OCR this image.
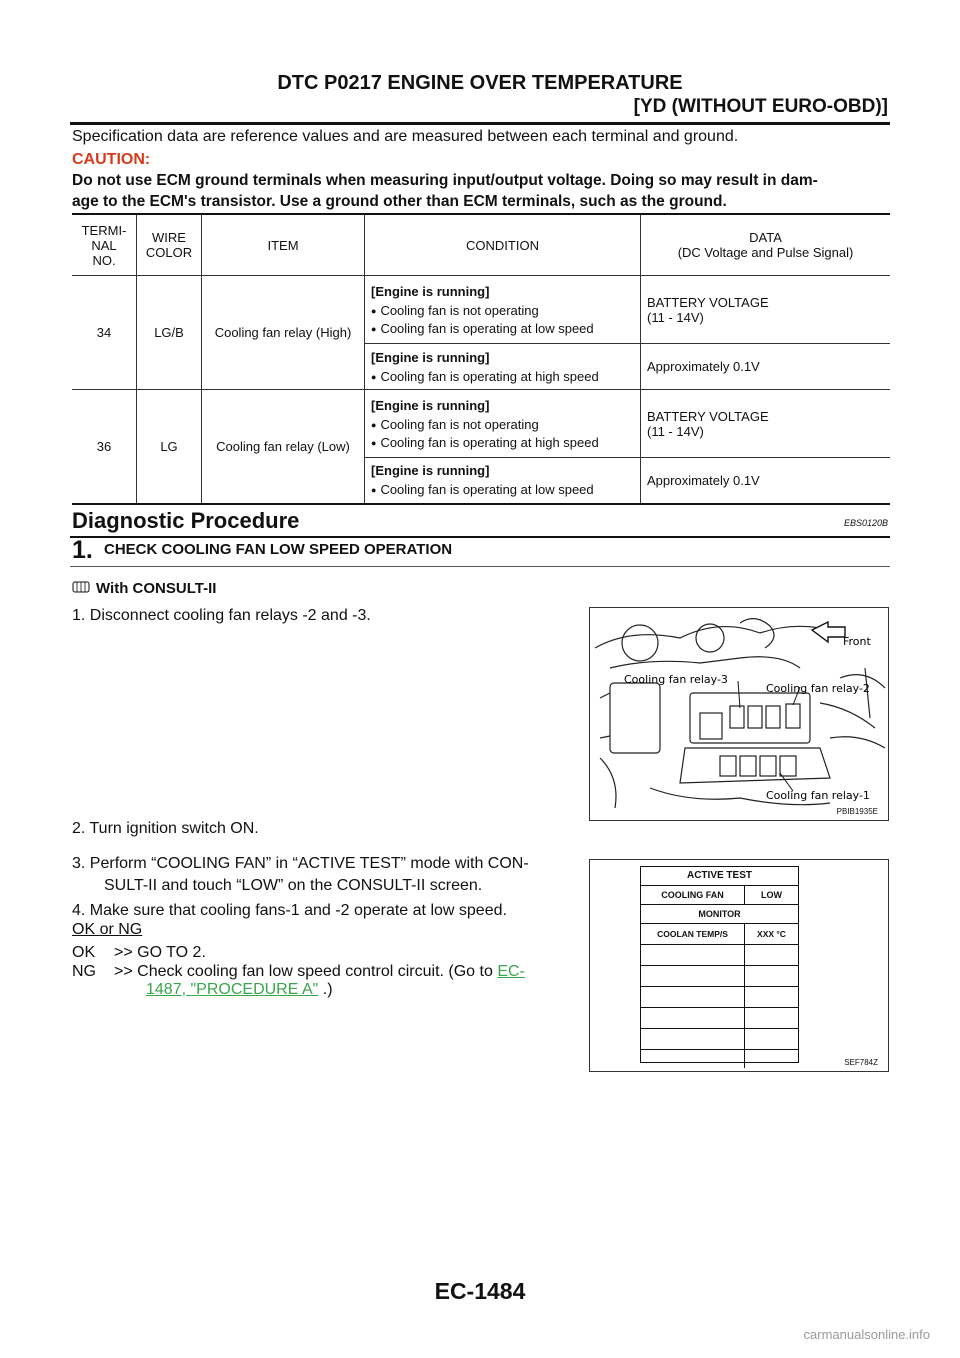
DTC P0217 ENGINE OVER TEMPERATURE
[YD (WITHOUT EURO-OBD)]
Specification data are reference values and are measured between each terminal and ground.
CAUTION:
Do not use ECM ground terminals when measuring input/output voltage. Doing so may result in dam-
age to the ECM's transistor. Use a ground other than ECM terminals, such as the ground.
TERMI-
NAL
NO.	WIRE
COLOR	ITEM	CONDITION	DATA
(DC Voltage and Pulse Signal)
34	LG/B	Cooling fan relay (High)	[Engine is running]
● Cooling fan is not operating
● Cooling fan is operating at low speed	BATTERY VOLTAGE
(11 - 14V)

			[Engine is running]
● Cooling fan is operating at high speed	Approximately 0.1V
36	LG	Cooling fan relay (Low)	[Engine is running]
● Cooling fan is not operating
● Cooling fan is operating at high speed	BATTERY VOLTAGE
(11 - 14V)

			[Engine is running]
● Cooling fan is operating at low speed	Approximately 0.1V
Diagnostic Procedure	EBS0120B
1. CHECK COOLING FAN LOW SPEED OPERATION
With CONSULT-II
1. Disconnect cooling fan relays -2 and -3.
2. Turn ignition switch ON.
3. Perform “COOLING FAN” in “ACTIVE TEST” mode with CON-
SULT-II and touch “LOW” on the CONSULT-II screen.
4. Make sure that cooling fans-1 and -2 operate at low speed.
OK or NG
OK >> GO TO 2.
NG >> Check cooling fan low speed control circuit. (Go to EC-
1487, "PROCEDURE A" .)
Front
Cooling fan relay-3
Cooling fan relay-2
Cooling fan relay-1
PBIB1935E
ACTIVE TEST
COOLING FAN	LOW
MONITOR
COOLAN TEMP/S	XXX °C
SEF784Z
EC-1484
carmanualsonline.info
